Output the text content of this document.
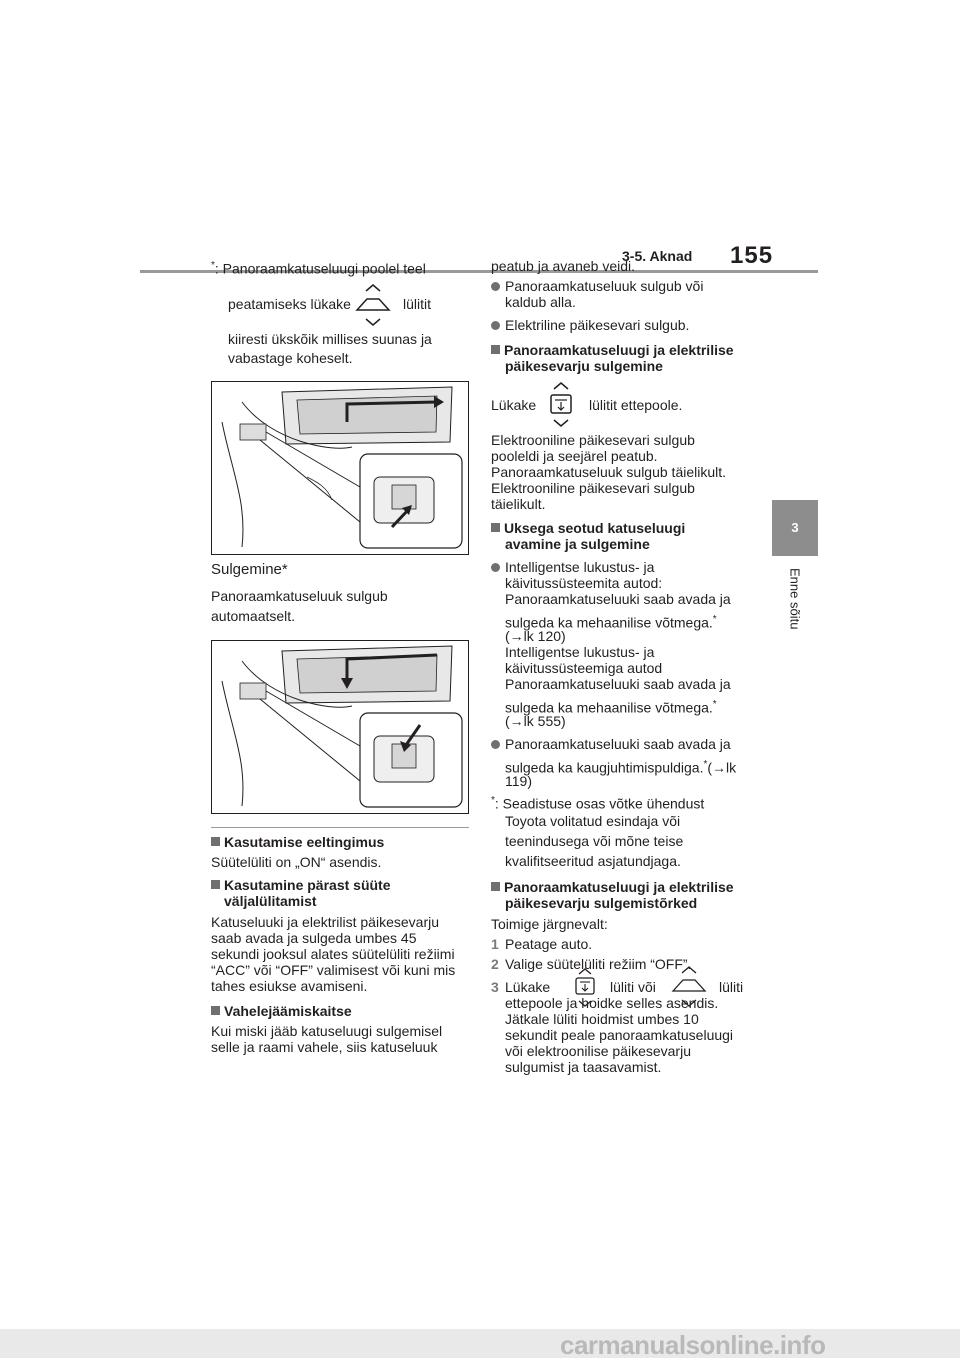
3-5. Aknad 155
3
Enne sõitu
*: Panoraamkatuseluugi poolel teel
peatamiseks lükake	lülitit
kiiresti ükskõik millises suunas ja
vabastage koheselt.
Sulgemine*
Panoraamkatuseluuk sulgub
automaatselt.
Kasutamise eeltingimus
Süütelüliti on „ON“ asendis.
Kasutamine pärast süüte
väljalülitamist
Katuseluuki ja elektrilist päikesevarju
saab avada ja sulgeda umbes 45
sekundi jooksul alates süütelüliti režiimi
“ACC” või “OFF” valimisest või kuni mis
tahes esiukse avamiseni.
Vahelejäämiskaitse
Kui miski jääb katuseluugi sulgemisel
selle ja raami vahele, siis katuseluuk
peatub ja avaneb veidi.
Panoraamkatuseluuk sulgub või
kaldub alla.
Elektriline päikesevari sulgub.
Panoraamkatuseluugi ja elektrilise
päikesevarju sulgemine
Lükake	lülitit ettepoole.
Elektrooniline päikesevari sulgub
pooleldi ja seejärel peatub.
Panoraamkatuseluuk sulgub täielikult.
Elektrooniline päikesevari sulgub
täielikult.
Uksega seotud katuseluugi
avamine ja sulgemine
Intelligentse lukustus- ja
käivitussüsteemita autod:
Panoraamkatuseluuki saab avada ja
sulgeda ka mehaanilise võtmega.*
(→lk 120)
Intelligentse lukustus- ja
käivitussüsteemiga autod
Panoraamkatuseluuki saab avada ja
sulgeda ka mehaanilise võtmega.*
(→lk 555)
Panoraamkatuseluuki saab avada ja
sulgeda ka kaugjuhtimispuldiga.*(→lk
119)
*: Seadistuse osas võtke ühendust
Toyota volitatud esindaja või
teenindusega või mõne teise
kvalifitseeritud asjatundjaga.
Panoraamkatuseluugi ja elektrilise
päikesevarju sulgemistõrked
Toimige järgnevalt:
1 Peatage auto.
2 Valige süütelüliti režiim “OFF”.
3 Lükake	lüliti või	lüliti
ettepoole ja hoidke selles asendis.
Jätkale lüliti hoidmist umbes 10
sekundit peale panoraamkatuseluugi
või elektroonilise päikesevarju
sulgumist ja taasavamist.
carmanualsonline.info
